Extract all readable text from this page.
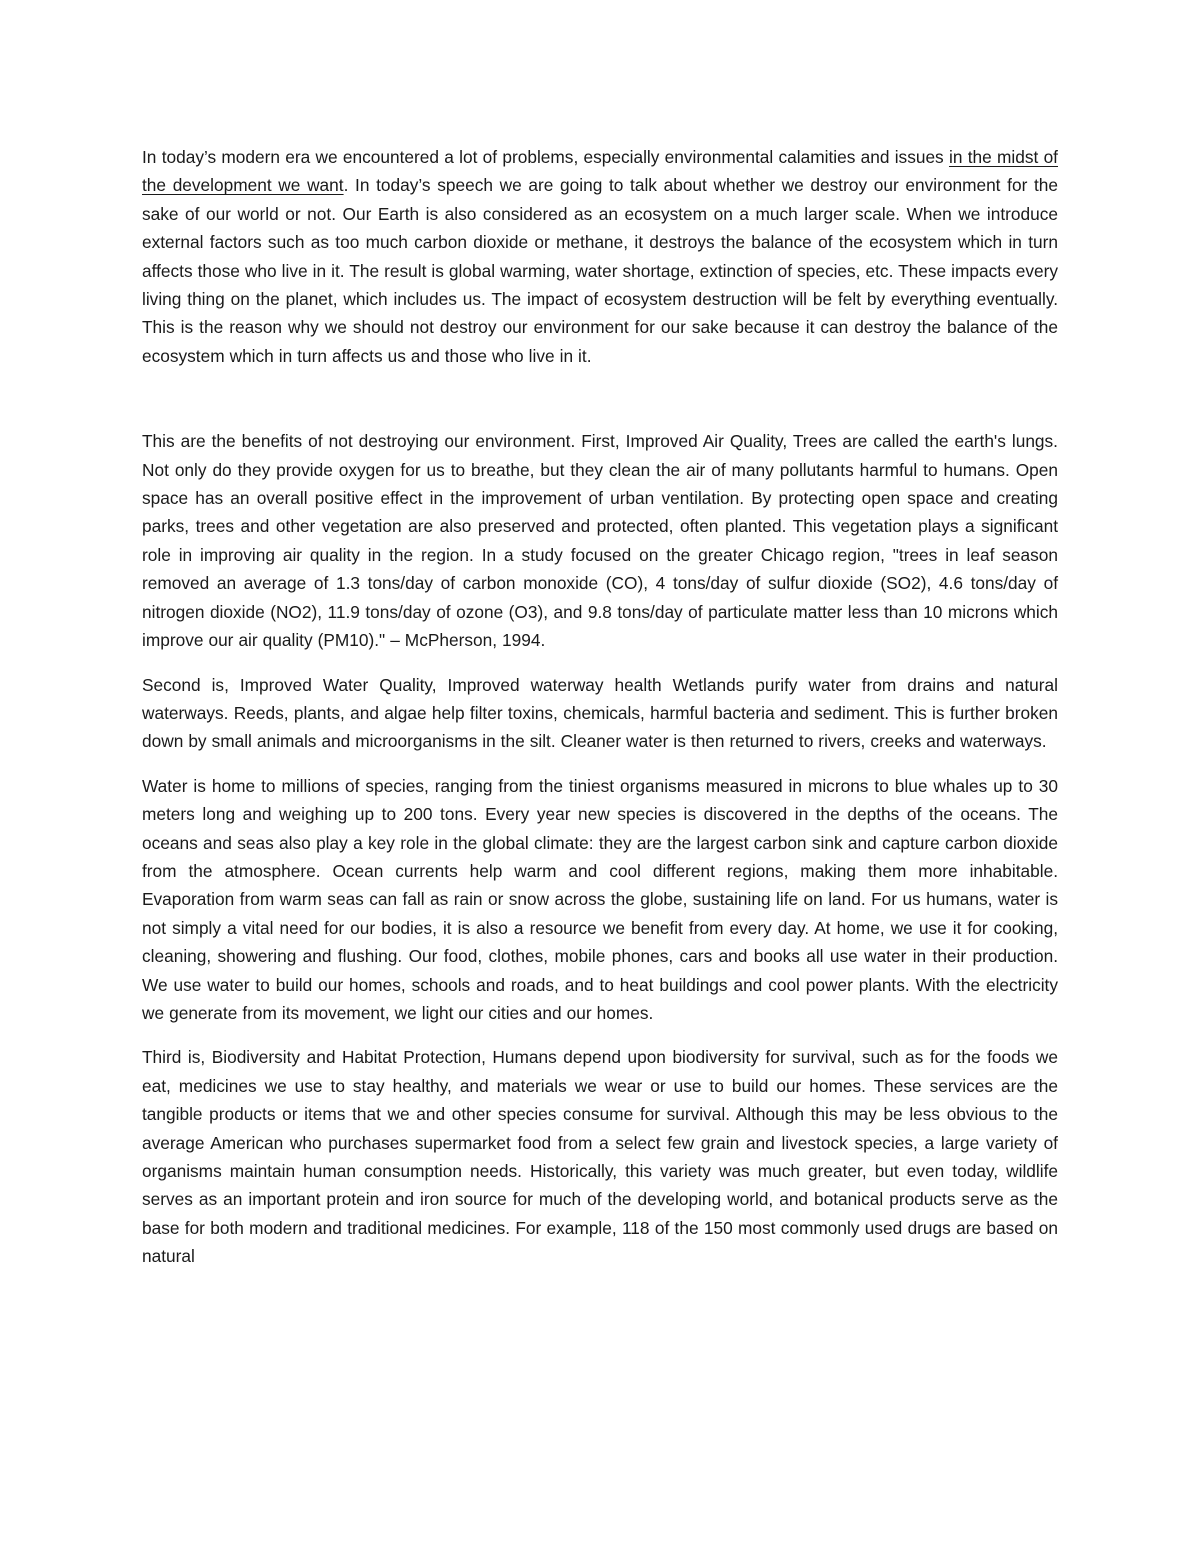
In today’s modern era we encountered a lot of problems, especially environmental calamities and issues in the midst of the development we want. In today’s speech we are going to talk about whether we destroy our environment for the sake of our world or not. Our Earth is also considered as an ecosystem on a much larger scale. When we introduce external factors such as too much carbon dioxide or methane, it destroys the balance of the ecosystem which in turn affects those who live in it. The result is global warming, water shortage, extinction of species, etc. These impacts every living thing on the planet, which includes us. The impact of ecosystem destruction will be felt by everything eventually. This is the reason why we should not destroy our environment for our sake because it can destroy the balance of the ecosystem which in turn affects us and those who live in it.

This are the benefits of not destroying our environment. First, Improved Air Quality, Trees are called the earth's lungs. Not only do they provide oxygen for us to breathe, but they clean the air of many pollutants harmful to humans. Open space has an overall positive effect in the improvement of urban ventilation. By protecting open space and creating parks, trees and other vegetation are also preserved and protected, often planted. This vegetation plays a significant role in improving air quality in the region. In a study focused on the greater Chicago region, "trees in leaf season removed an average of 1.3 tons/day of carbon monoxide (CO), 4 tons/day of sulfur dioxide (SO2), 4.6 tons/day of nitrogen dioxide (NO2), 11.9 tons/day of ozone (O3), and 9.8 tons/day of particulate matter less than 10 microns which improve our air quality (PM10)." – McPherson, 1994.

Second is, Improved Water Quality, Improved waterway health Wetlands purify water from drains and natural waterways. Reeds, plants, and algae help filter toxins, chemicals, harmful bacteria and sediment. This is further broken down by small animals and microorganisms in the silt. Cleaner water is then returned to rivers, creeks and waterways.

Water is home to millions of species, ranging from the tiniest organisms measured in microns to blue whales up to 30 meters long and weighing up to 200 tons. Every year new species is discovered in the depths of the oceans. The oceans and seas also play a key role in the global climate: they are the largest carbon sink and capture carbon dioxide from the atmosphere. Ocean currents help warm and cool different regions, making them more inhabitable. Evaporation from warm seas can fall as rain or snow across the globe, sustaining life on land. For us humans, water is not simply a vital need for our bodies, it is also a resource we benefit from every day. At home, we use it for cooking, cleaning, showering and flushing. Our food, clothes, mobile phones, cars and books all use water in their production. We use water to build our homes, schools and roads, and to heat buildings and cool power plants. With the electricity we generate from its movement, we light our cities and our homes.

Third is, Biodiversity and Habitat Protection, Humans depend upon biodiversity for survival, such as for the foods we eat, medicines we use to stay healthy, and materials we wear or use to build our homes. These services are the tangible products or items that we and other species consume for survival. Although this may be less obvious to the average American who purchases supermarket food from a select few grain and livestock species, a large variety of organisms maintain human consumption needs. Historically, this variety was much greater, but even today, wildlife serves as an important protein and iron source for much of the developing world, and botanical products serve as the base for both modern and traditional medicines. For example, 118 of the 150 most commonly used drugs are based on natural
